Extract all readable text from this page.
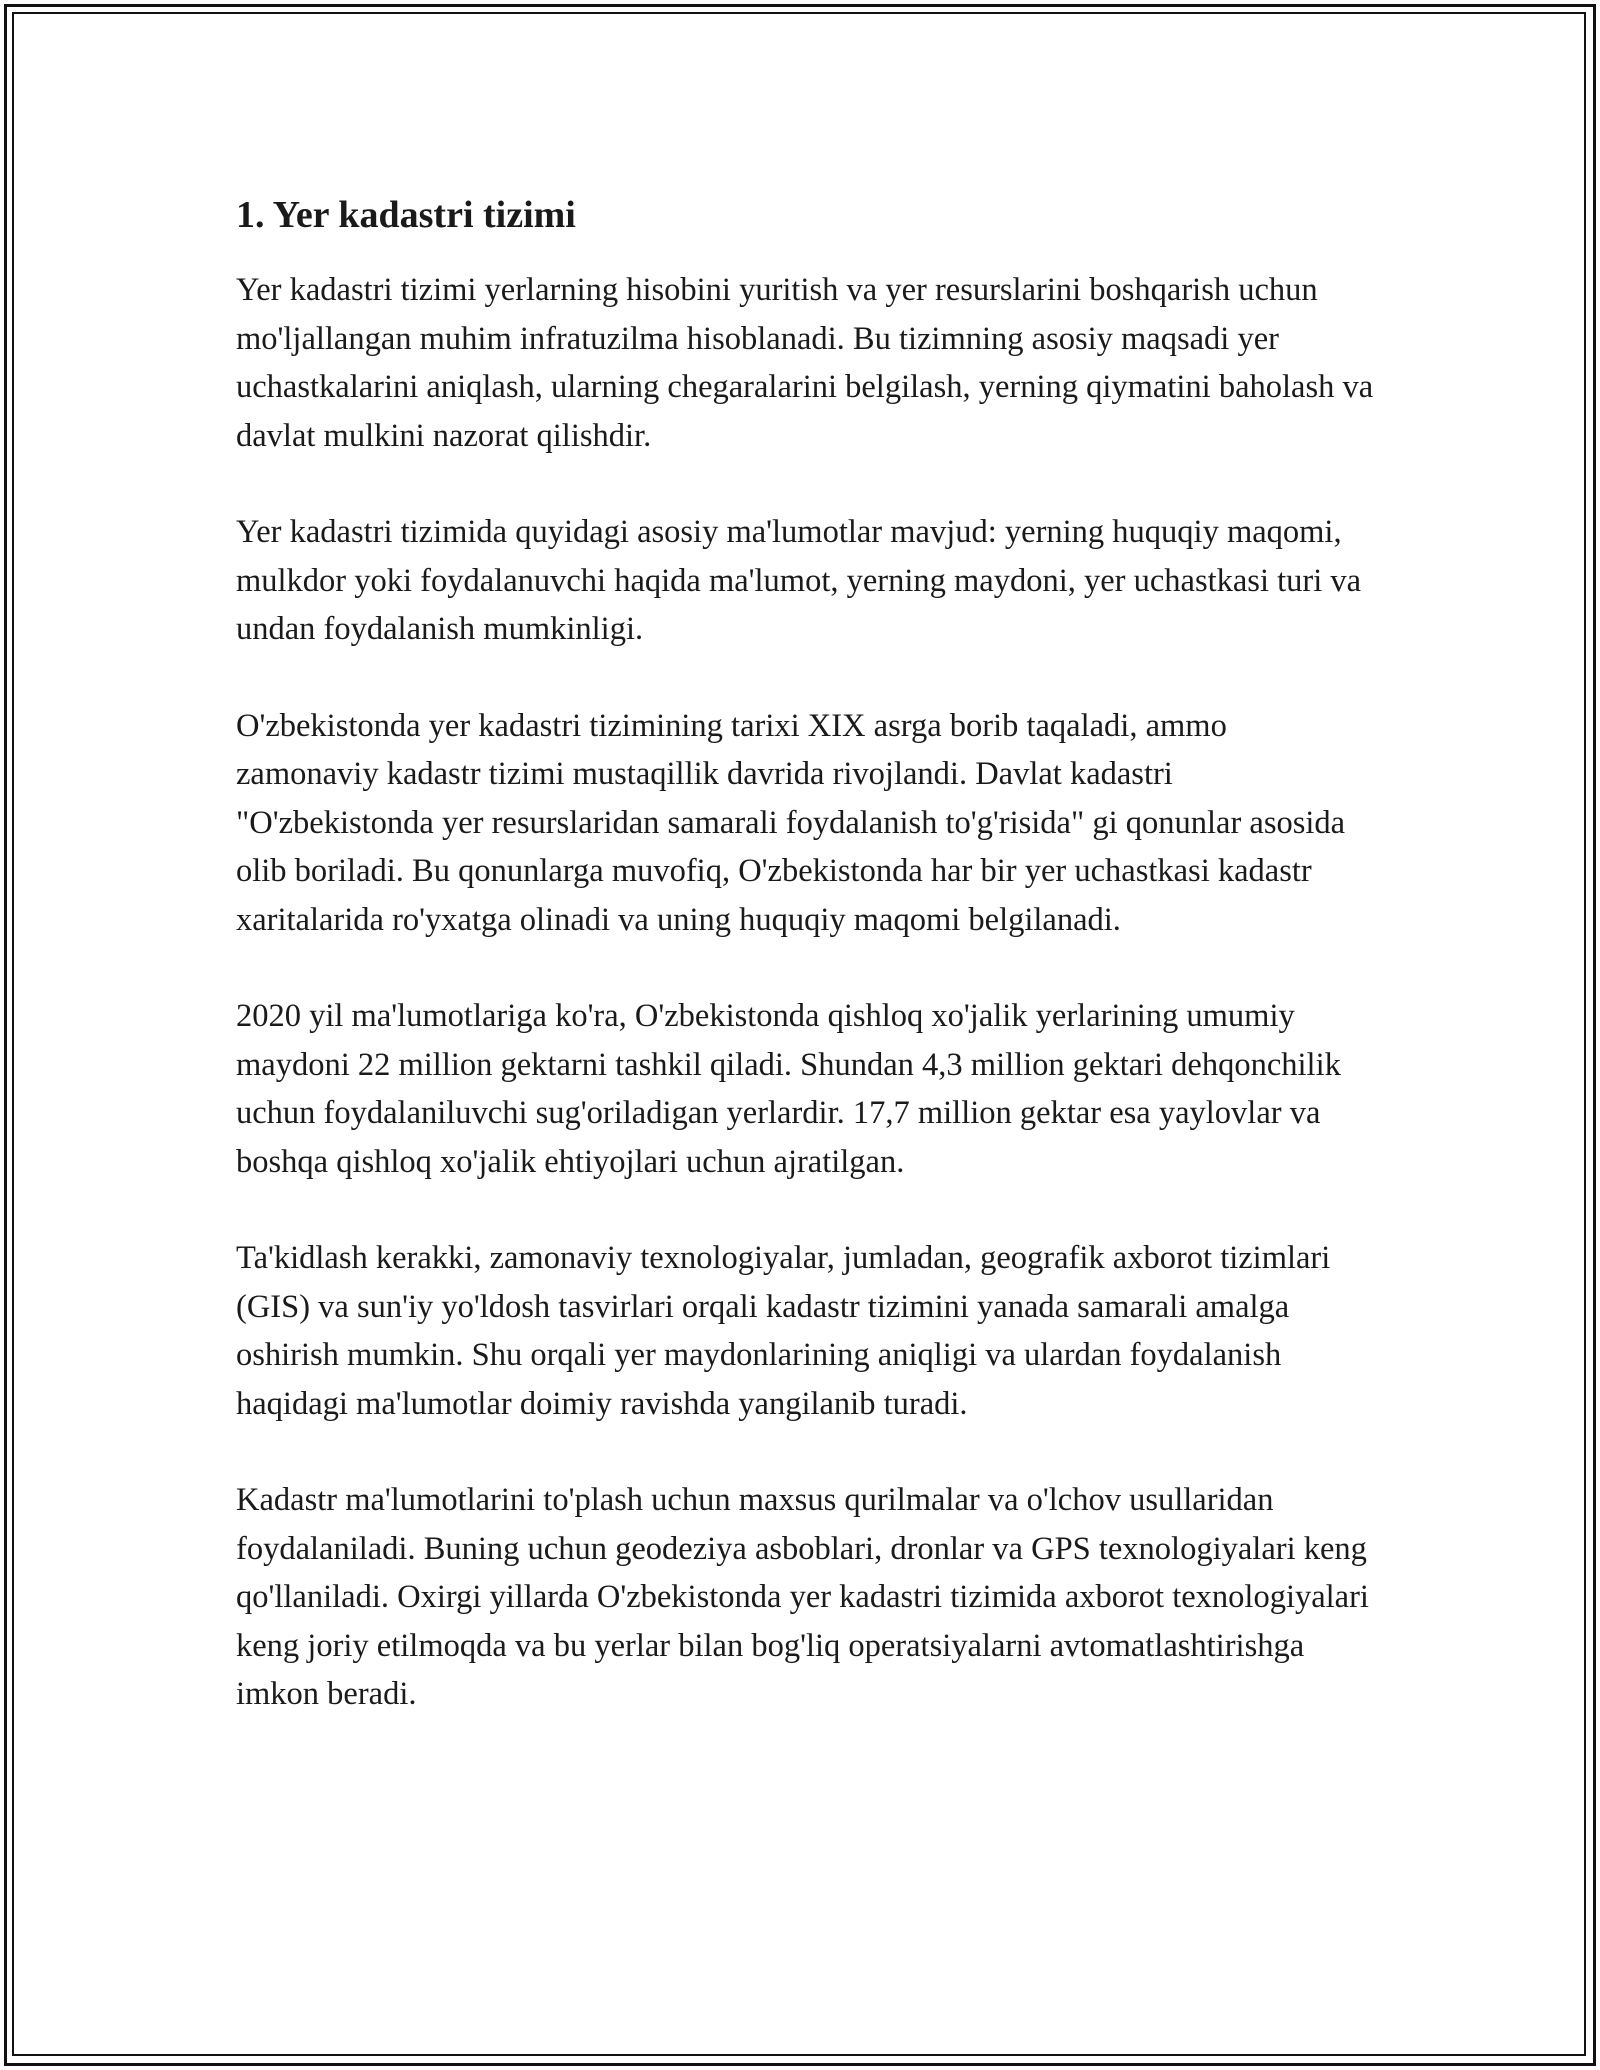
1. Yer kadastri tizimi

Yer kadastri tizimi yerlarning hisobini yuritish va yer resurslarini boshqarish uchun mo'ljallangan muhim infratuzilma hisoblanadi. Bu tizimning asosiy maqsadi yer uchastkalarini aniqlash, ularning chegaralarini belgilash, yerning qiymatini baholash va davlat mulkini nazorat qilishdir.

Yer kadastri tizimida quyidagi asosiy ma'lumotlar mavjud: yerning huquqiy maqomi, mulkdor yoki foydalanuvchi haqida ma'lumot, yerning maydoni, yer uchastkasi turi va undan foydalanish mumkinligi.

O'zbekistonda yer kadastri tizimining tarixi XIX asrga borib taqaladi, ammo zamonaviy kadastr tizimi mustaqillik davrida rivojlandi. Davlat kadastri "O'zbekistonda yer resurslaridan samarali foydalanish to'g'risida" gi qonunlar asosida olib boriladi. Bu qonunlarga muvofiq, O'zbekistonda har bir yer uchastkasi kadastr xaritalarida ro'yxatga olinadi va uning huquqiy maqomi belgilanadi.

2020 yil ma'lumotlariga ko'ra, O'zbekistonda qishloq xo'jalik yerlarining umumiy maydoni 22 million gektarni tashkil qiladi. Shundan 4,3 million gektari dehqonchilik uchun foydalaniluvchi sug'oriladigan yerlardir. 17,7 million gektar esa yaylovlar va boshqa qishloq xo'jalik ehtiyojlari uchun ajratilgan.

Ta'kidlash kerakki, zamonaviy texnologiyalar, jumladan, geografik axborot tizimlari (GIS) va sun'iy yo'ldosh tasvirlari orqali kadastr tizimini yanada samarali amalga oshirish mumkin. Shu orqali yer maydonlarining aniqligi va ulardan foydalanish haqidagi ma'lumotlar doimiy ravishda yangilanib turadi.

Kadastr ma'lumotlarini to'plash uchun maxsus qurilmalar va o'lchov usullaridan foydalaniladi. Buning uchun geodeziya asboblari, dronlar va GPS texnologiyalari keng qo'llaniladi. Oxirgi yillarda O'zbekistonda yer kadastri tizimida axborot texnologiyalari keng joriy etilmoqda va bu yerlar bilan bog'liq operatsiyalarni avtomatlashtirishga imkon beradi.
